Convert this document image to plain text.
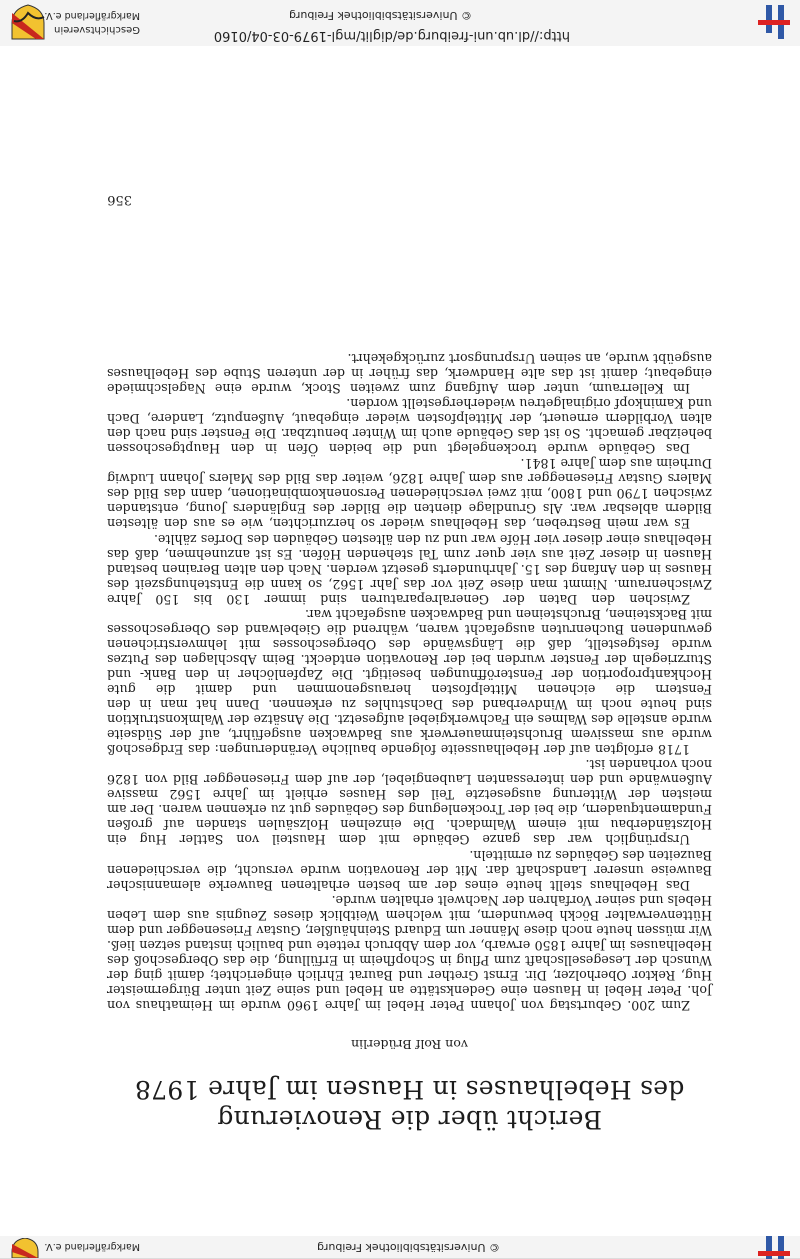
http://dl.ub.uni-freiburg.de/diglit/mgl-1979-03-04/0160
© Universitätsbibliothek Freiburg
Geschichtsverein
Markgräflerland e.V.

Bericht über die Renovierung

des Hebelhauses in Hausen im Jahre 1978

von Rolf Brüderlin

Zum 200. Geburtstag von Johann Peter Hebel im Jahre 1960 wurde im Heimathaus von Joh. Peter Hebel in Hausen eine Gedenkstätte an Hebel und seine Zeit unter Bürgermeister Hug, Rektor Oberholzer, Dir. Ernst Grether und Baurat Ehrlich eingerichtet; damit ging der Wunsch der Lesegesellschaft zum Pflug in Schopfheim in Erfüllung, die das Obergeschoß des Hebelhauses im Jahre 1850 erwarb, vor dem Abbruch rettete und baulich instand setzen ließ. Wir müssen heute noch diese Männer um Eduard Steinhäußler, Gustav Friesenegger und dem Hüttenverwalter Böckh bewundern, mit welchem Weitblick dieses Zeugnis aus dem Leben Hebels und seiner Vorfahren der Nachwelt erhalten wurde.

Das Hebelhaus stellt heute eines der am besten erhaltenen Bauwerke alemannischer Bauweise unserer Landschaft dar. Mit der Renovation wurde versucht, die verschiedenen Bauzeiten des Gebäudes zu ermitteln.

Ursprünglich war das ganze Gebäude mit dem Hausteil von Sattler Hug ein Holzständerbau mit einem Walmdach. Die einzelnen Holzsäulen standen auf großen Fundamentquadern, die bei der Trockenlegung des Gebäudes gut zu erkennen waren. Der am meisten der Witterung ausgesetzte Teil des Hauses erhielt im Jahre 1562 massive Außenwände und den interessanten Laubengiebel, der auf dem Friesenegger Bild von 1826 noch vorhanden ist.

1718 erfolgten auf der Hebelhausseite folgende bauliche Veränderungen: das Erdgeschoß wurde aus massivem Bruchsteinmauerwerk aus Badwacken ausgeführt, auf der Südseite wurde anstelle des Walmes ein Fachwerkgiebel aufgesetzt. Die Ansätze der Walmkonstruktion sind heute noch im Windverband des Dachstuhles zu erkennen. Dann hat man in den Fenstern die eichenen Mittelpfosten herausgenommen und damit die gute Hochkantproportion der Fensteröffnungen beseitigt. Die Zapfenlöcher in den Bank- und Sturzriegeln der Fenster wurden bei der Renovation entdeckt. Beim Abschlagen des Putzes wurde festgestellt, daß die Längswände des Obergeschosses mit lehmverstrichenen gewundenen Buchenruten ausgefacht waren, während die Giebelwand des Obergeschosses mit Backsteinen, Bruchsteinen und Badwacken ausgefacht war.

Zwischen den Daten der Generalreparaturen sind immer 130 bis 150 Jahre Zwischenraum. Nimmt man diese Zeit vor das Jahr 1562, so kann die Entstehungszeit des Hauses in den Anfang des 15. Jahrhunderts gesetzt werden. Nach den alten Berainen bestand Hausen in dieser Zeit aus vier quer zum Tal stehenden Höfen. Es ist anzunehmen, daß das Hebelhaus einer dieser vier Höfe war und zu den ältesten Gebäuden des Dorfes zählte.

Es war mein Bestreben, das Hebelhaus wieder so herzurichten, wie es aus den ältesten Bildern ablesbar war. Als Grundlage dienten die Bilder des Engländers Joung, entstanden zwischen 1790 und 1800, mit zwei verschiedenen Personenkombinationen, dann das Bild des Malers Gustav Friesenegger aus dem Jahre 1826, weiter das Bild des Malers Johann Ludwig Durheim aus dem Jahre 1841.

Das Gebäude wurde trockengelegt und die beiden Öfen in den Hauptgeschossen beheizbar gemacht. So ist das Gebäude auch im Winter benutzbar. Die Fenster sind nach den alten Vorbildern erneuert, der Mittelpfosten wieder eingebaut, Außenputz, Landere, Dach und Kaminkopf originalgetreu wiederhergestellt worden.

Im Kellerraum, unter dem Aufgang zum zweiten Stock, wurde eine Nagelschmiede eingebaut; damit ist das alte Handwerk, das früher in der unteren Stube des Hebelhauses ausgeübt wurde, an seinen Ursprungsort zurückgekehrt.

356
© Universitätsbibliothek Freiburg
Markgräflerland e.V.
